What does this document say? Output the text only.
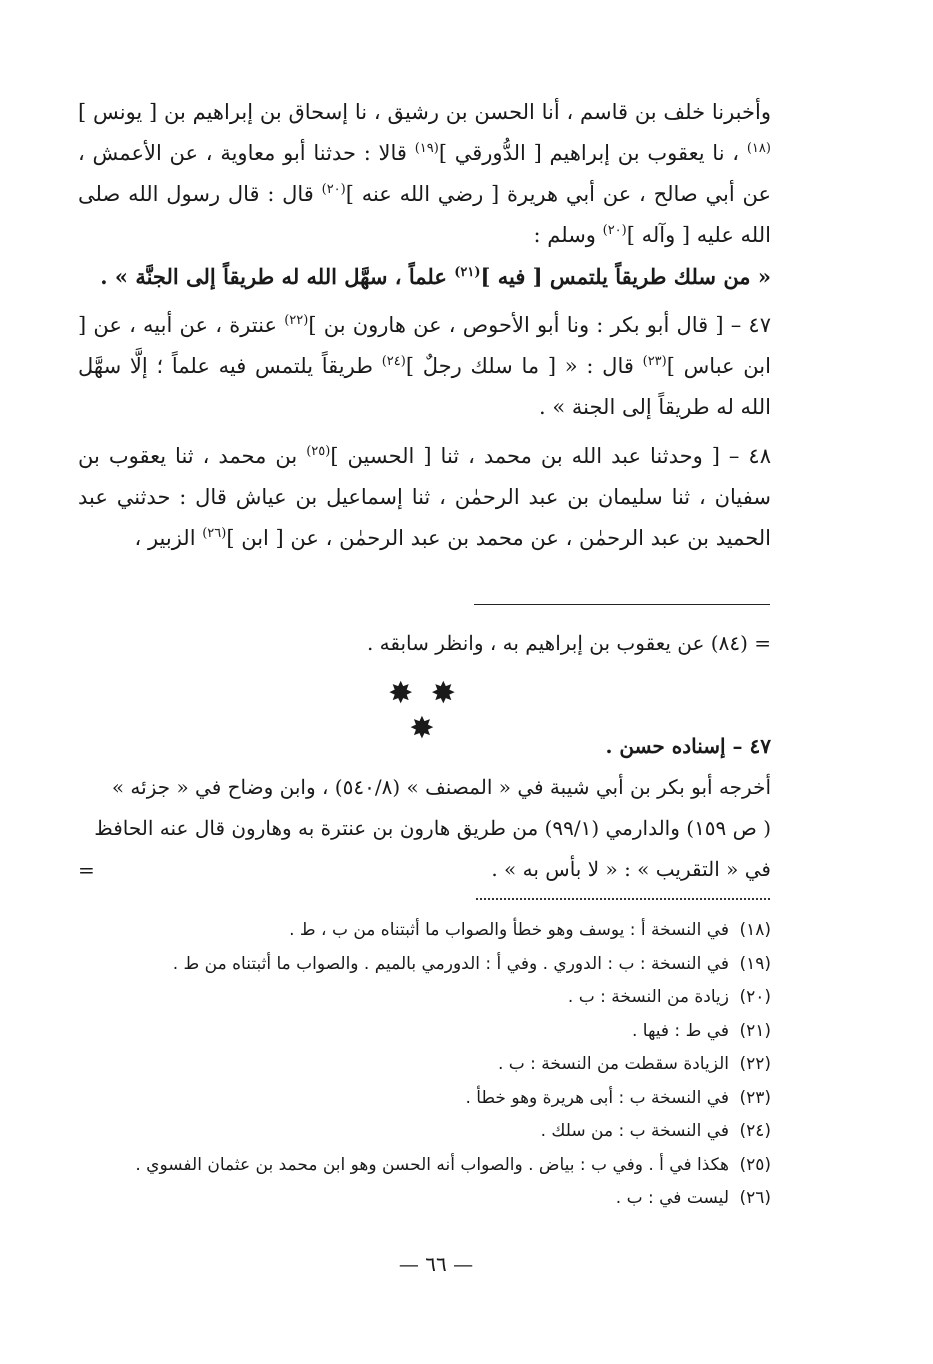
وأخبرنا خلف بن قاسم ، أنا الحسن بن رشيق ، نا إسحاق بن إبراهيم بن [ يونس ]$^{(١٨)}$ ، نا يعقوب بن إبراهيم [ الدُّورقي ]$^{(١٩)}$ قالا : حدثنا أبو معاوية ، عن الأعمش ، عن أبي صالح ، عن أبي هريرة [ رضي الله عنه ]$^{(٢٠)}$ قال : قال رسول الله صلى الله عليه [ وآله ]$^{(٢٠)}$ وسلم :

« من سلك طريقاً يلتمس [ فيه ]$^{(٢١)}$ علماً ، سهَّل الله له طريقاً إلى الجنَّة » .

٤٧ – [ قال أبو بكر : ونا أبو الأحوص ، عن هارون بن ]$^{(٢٢)}$ عنترة ، عن أبيه ، عن [ ابن عباس ]$^{(٢٣)}$ قال : « [ ما سلك رجلٌ ]$^{(٢٤)}$ طريقاً يلتمس فيه علماً ؛ إلَّا سهَّل الله له طريقاً إلى الجنة » .

٤٨ – [ وحدثنا عبد الله بن محمد ، ثنا [ الحسين ]$^{(٢٥)}$ بن محمد ، ثنا يعقوب بن سفيان ، ثنا سليمان بن عبد الرحمٰن ، ثنا إسماعيل بن عياش قال : حدثني عبد الحميد بن عبد الرحمٰن ، عن محمد بن عبد الرحمٰن ، عن [ ابن ]$^{(٢٦)}$ الزبير ،

= (٨٤) عن يعقوب بن إبراهيم به ، وانظر سابقه .
✸ ✸ ✸	٤٧ – إسناده حسن .

أخرجه أبو بكر بن أبي شيبة في « المصنف » (٥٤٠/٨) ، وابن وضاح في « جزئه »

( ص ١٥٩) والدارمي (٩٩/١) من طريق هارون بن عنترة به وهارون قال عنه الحافظ

في « التقريب » : « لا بأس به » .

=
(١٨)
في النسخة أ : يوسف وهو خطأ والصواب ما أثبتناه من ب ، ط .
(١٩)
في النسخة : ب : الدوري . وفي أ : الدورمي بالميم . والصواب ما أثبتناه من ط .
(٢٠)
زيادة من النسخة : ب .
(٢١)
في ط : فيها .
(٢٢)
الزيادة سقطت من النسخة : ب .
(٢٣)
في النسخة ب : أبى هريرة وهو خطأ .
(٢٤)
في النسخة ب : من سلك .
(٢٥)
هكذا في أ . وفي ب : بياض . والصواب أنه الحسن وهو ابن محمد بن عثمان الفسوي .
(٢٦)
ليست في : ب .
— ٦٦ —
